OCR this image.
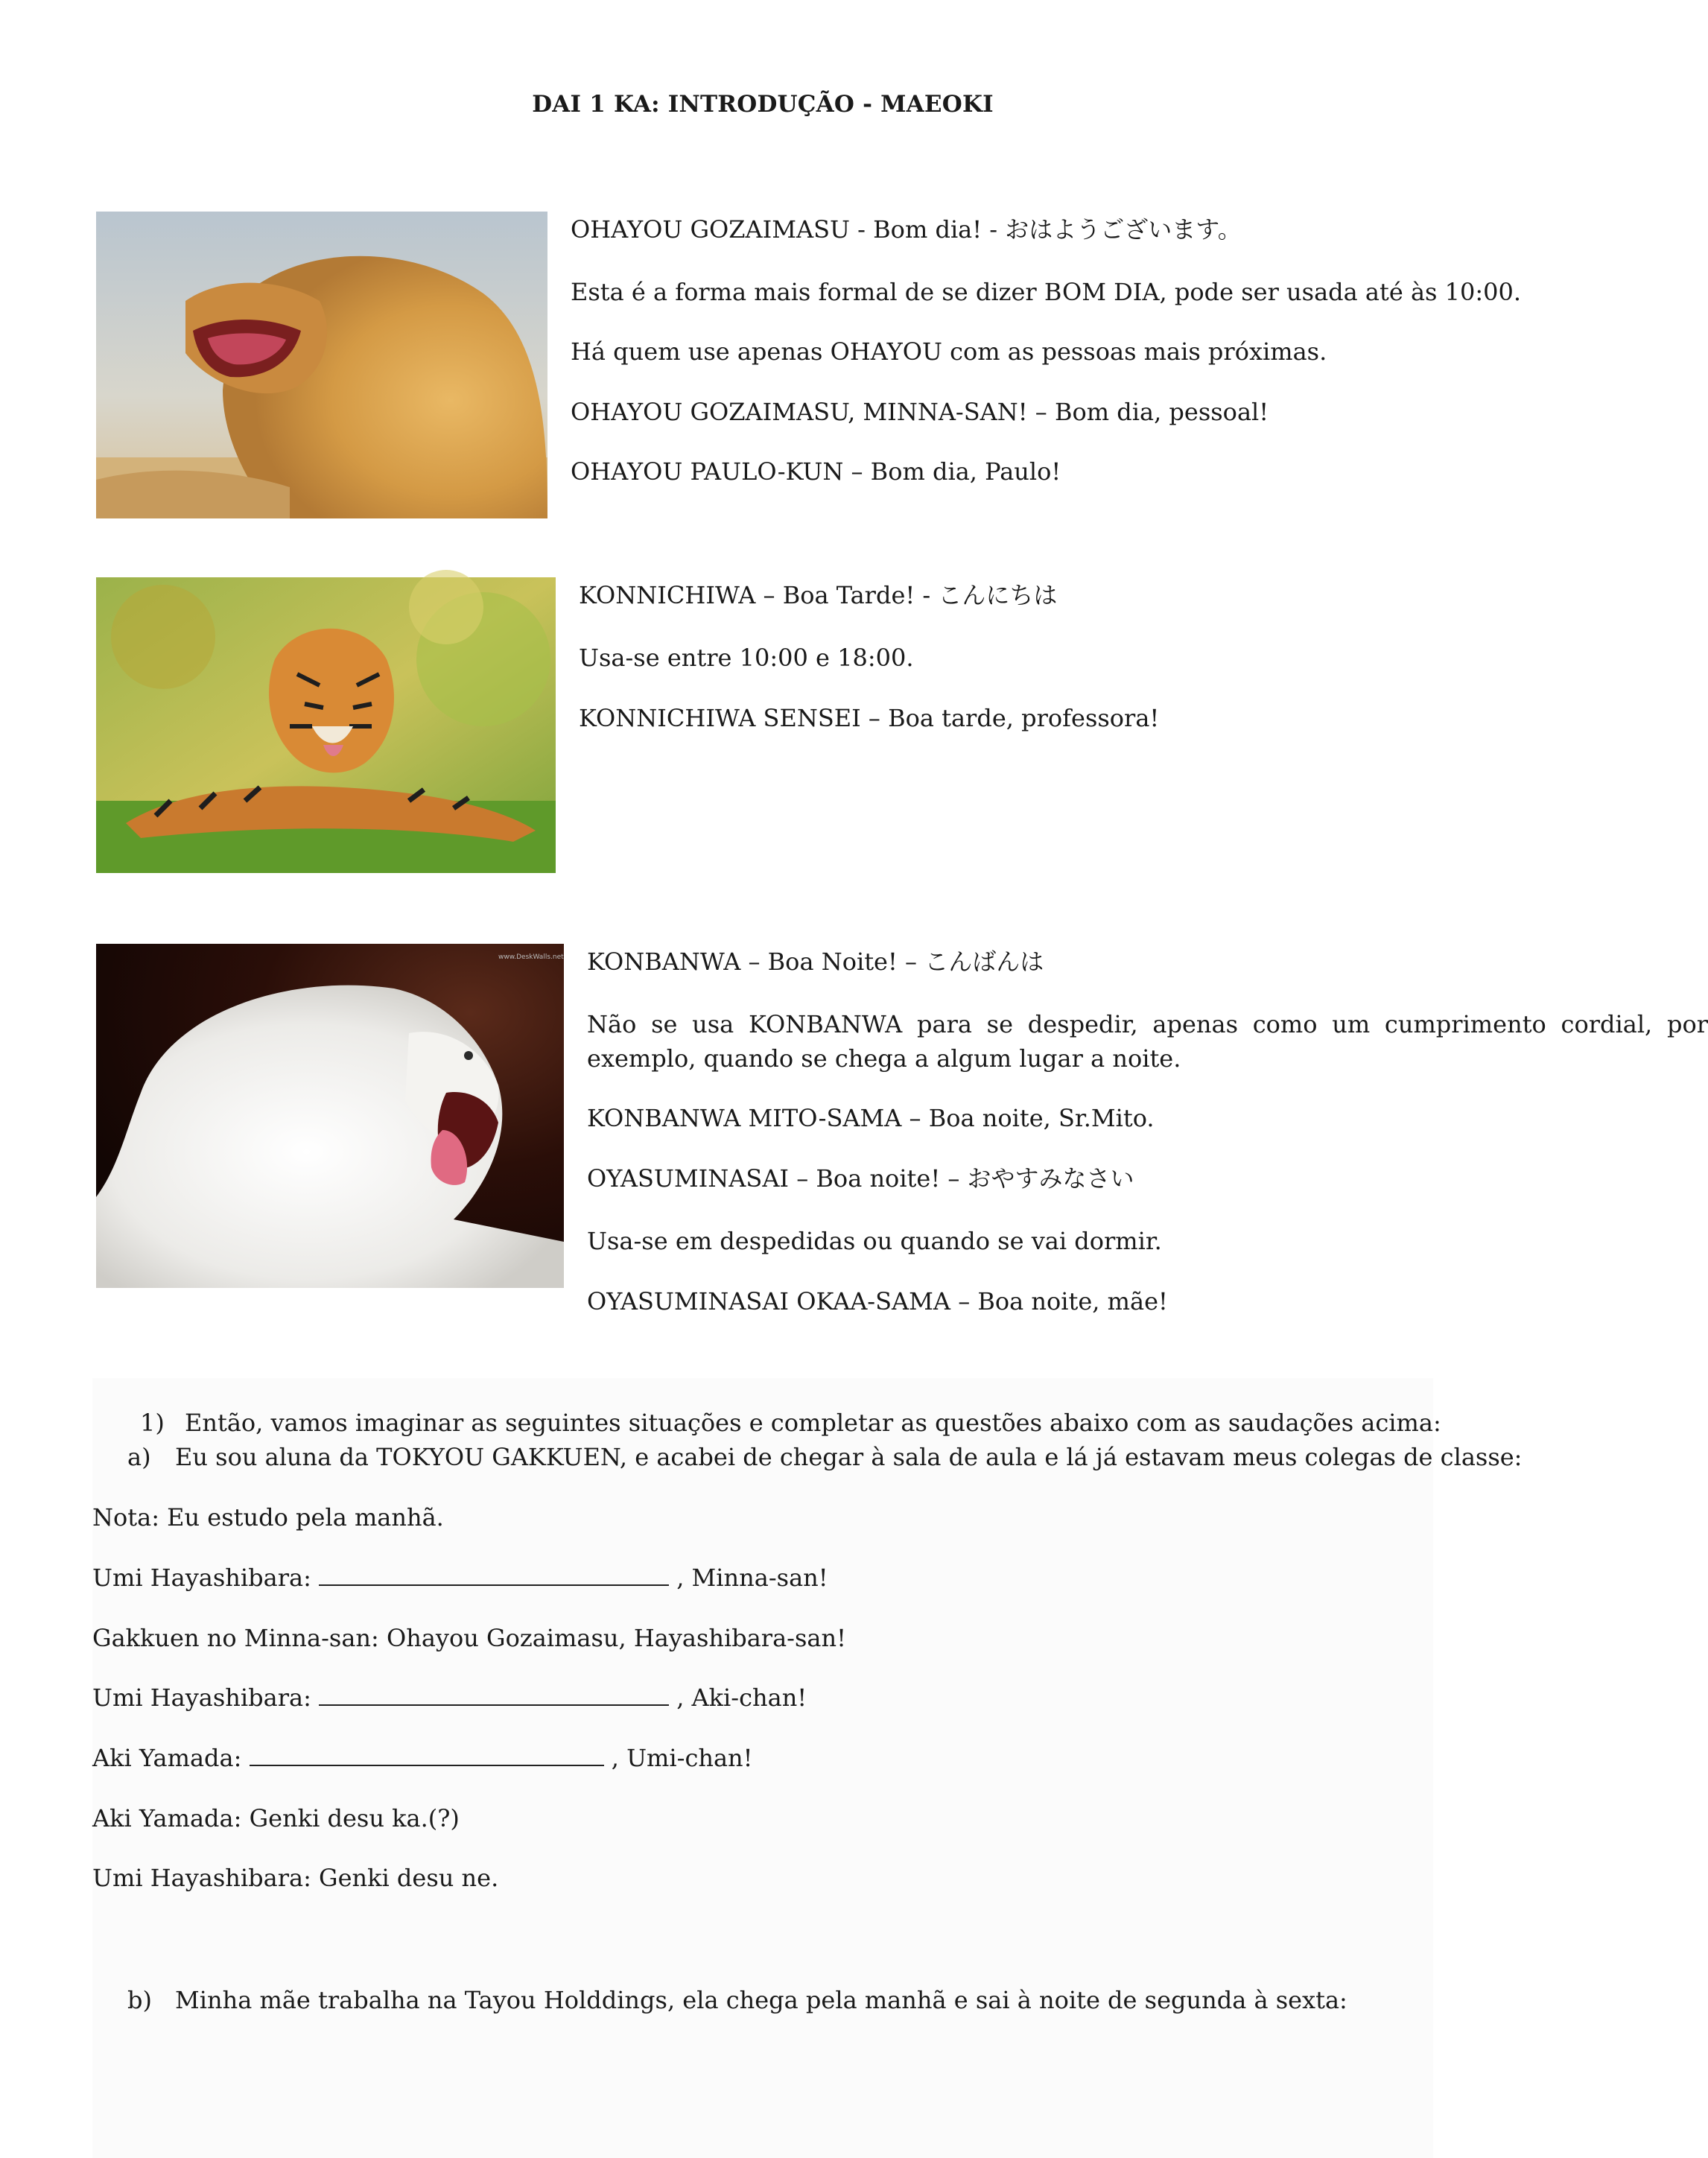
DAI 1 KA: INTRODUÇÃO - MAEOKI
OHAYOU GOZAIMASU - Bom dia! - おはようございます。
Esta é a forma mais formal de se dizer BOM DIA, pode ser usada até às 10:00.
Há quem use apenas OHAYOU com as pessoas mais próximas.
OHAYOU GOZAIMASU, MINNA-SAN! – Bom dia, pessoal!
OHAYOU PAULO-KUN – Bom dia, Paulo!
KONNICHIWA – Boa Tarde! - こんにちは
Usa-se entre 10:00 e 18:00.
KONNICHIWA SENSEI – Boa tarde, professora!
www.DeskWalls.net KONBANWA – Boa Noite! – こんばんは
Não se usa KONBANWA para se despedir, apenas como um cumprimento cordial, por exemplo, quando se chega a algum lugar a noite.
KONBANWA MITO-SAMA – Boa noite, Sr.Mito.
OYASUMINASAI – Boa noite! – おやすみなさい
Usa-se em despedidas ou quando se vai dormir.
OYASUMINASAI OKAA-SAMA – Boa noite, mãe!
1) Então, vamos imaginar as seguintes situações e completar as questões abaixo com as saudações acima:
a) Eu sou aluna da TOKYOU GAKKUEN, e acabei de chegar à sala de aula e lá já estavam meus colegas de classe:
Nota: Eu estudo pela manhã.
Umi Hayashibara:	, Minna-san!
Gakkuen no Minna-san: Ohayou Gozaimasu, Hayashibara-san!
Umi Hayashibara:	, Aki-chan!
Aki Yamada:	, Umi-chan!
Aki Yamada: Genki desu ka.(?)
Umi Hayashibara: Genki desu ne.
b) Minha mãe trabalha na Tayou Holddings, ela chega pela manhã e sai à noite de segunda à sexta:
